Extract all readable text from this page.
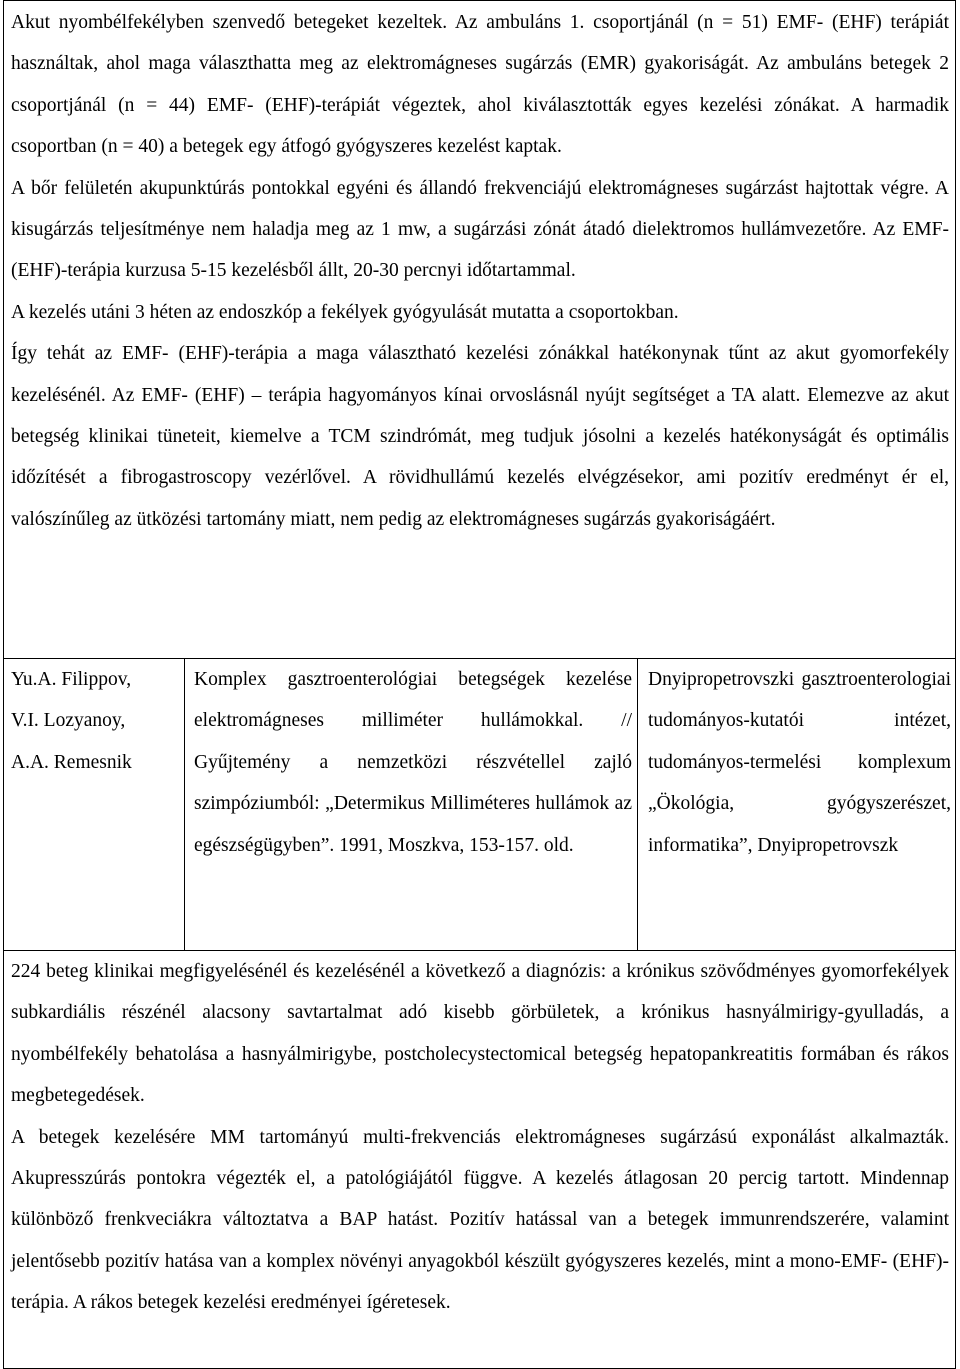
Akut nyombélfekélyben szenvedő betegeket kezeltek. Az ambuláns 1. csoportjánál (n = 51) EMF- (EHF) terápiát használtak, ahol maga választhatta meg az elektromágneses sugárzás (EMR) gyakoriságát. Az ambuláns betegek 2 csoportjánál (n = 44) EMF- (EHF)-terápiát végeztek, ahol kiválasztották egyes kezelési zónákat. A harmadik csoportban (n = 40) a betegek egy átfogó gyógyszeres kezelést kaptak.

A bőr felületén akupunktúrás pontokkal egyéni és állandó frekvenciájú elektromágneses sugárzást hajtottak végre. A kisugárzás teljesítménye nem haladja meg az 1 mw, a sugárzási zónát átadó dielektromos hullámvezetőre. Az EMF- (EHF)-terápia kurzusa 5-15 kezelésből állt, 20-30 percnyi időtartammal.

A kezelés utáni 3 héten az endoszkóp a fekélyek gyógyulását mutatta a csoportokban.

Így tehát az EMF- (EHF)-terápia a maga választható kezelési zónákkal hatékonynak tűnt az akut gyomorfekély kezelésénél. Az EMF- (EHF) – terápia hagyományos kínai orvoslásnál nyújt segítséget a TA alatt. Elemezve az akut betegség klinikai tüneteit, kiemelve a TCM szindrómát, meg tudjuk jósolni a kezelés hatékonyságát és optimális időzítését a fibrogastroscopy vezérlővel. A rövidhullámú kezelés elvégzésekor, ami pozitív eredményt ér el, valószínűleg az ütközési tartomány miatt, nem pedig az elektromágneses sugárzás gyakoriságáért.

Yu.A. Filippov,
V.I. Lozyanoy,
A.A. Remesnik

Komplex gasztroenterológiai betegségek kezelése elektromágneses milliméter hullámokkal. // Gyűjtemény a nemzetközi részvétellel zajló szimpóziumból: „Determikus Milliméteres hullámok az egészségügyben”. 1991, Moszkva, 153-157. old.

Dnyipropetrovszki gasztroenterologiai tudományos-kutatói intézet, tudományos-termelési komplexum „Ökológia, gyógyszerészet, informatika”, Dnyipropetrovszk

224 beteg klinikai megfigyelésénél és kezelésénél a következő a diagnózis: a krónikus szövődményes gyomorfekélyek subkardiális részénél alacsony savtartalmat adó kisebb görbületek, a krónikus hasnyálmirigy-gyulladás, a nyombélfekély behatolása a hasnyálmirigybe, postcholecystectomical betegség hepatopankreatitis formában és rákos megbetegedések.

A betegek kezelésére MM tartományú multi-frekvenciás elektromágneses sugárzású exponálást alkalmazták. Akupresszúrás pontokra végezték el, a patológiájától függve. A kezelés átlagosan 20 percig tartott. Mindennap különböző frenkveciákra változtatva a BAP hatást. Pozitív hatással van a betegek immunrendszerére, valamint jelentősebb pozitív hatása van a komplex növényi anyagokból készült gyógyszeres kezelés, mint a mono-EMF- (EHF)-terápia. A rákos betegek kezelési eredményei ígéretesek.
